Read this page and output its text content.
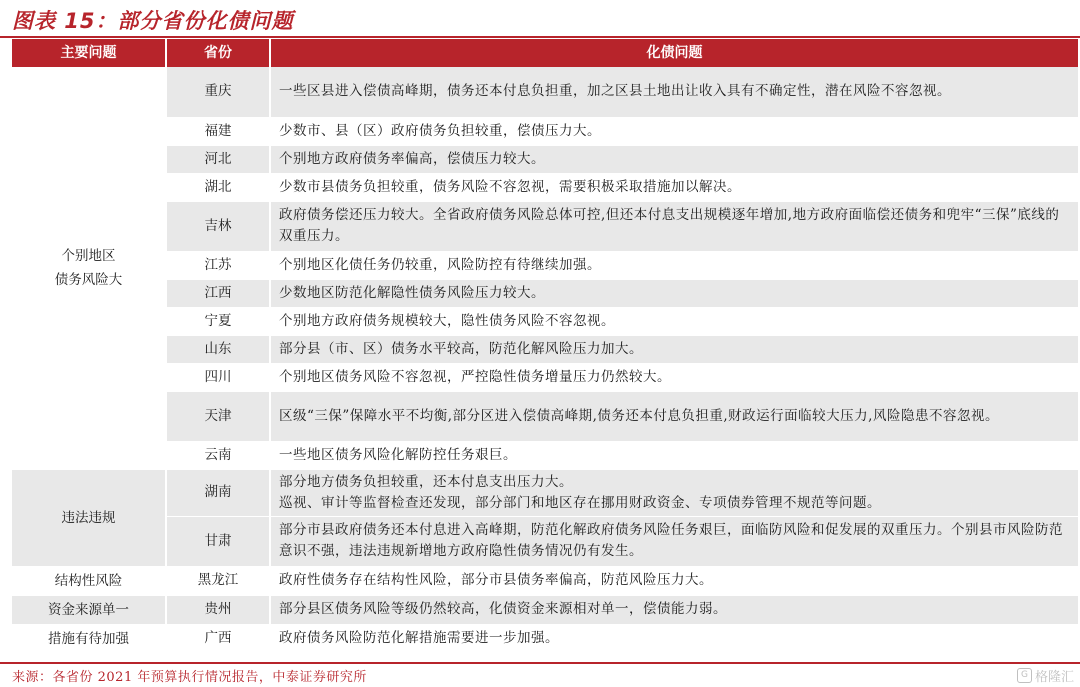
图表 15：部分省份化债问题
主要问题	省份	化债问题
个别地区
债务风险大	重庆	一些区县进入偿债高峰期，债务还本付息负担重，加之区县土地出让收入具有不确定性，潜在风险不容忽视。
	福建	少数市、县（区）政府债务负担较重，偿债压力大。
	河北	个别地方政府债务率偏高，偿债压力较大。
	湖北	少数市县债务负担较重，债务风险不容忽视，需要积极采取措施加以解决。
	吉林	政府债务偿还压力较大。全省政府债务风险总体可控,但还本付息支出规模逐年增加,地方政府面临偿还债务和兜牢“三保”底线的双重压力。
	江苏	个别地区化债任务仍较重，风险防控有待继续加强。
	江西	少数地区防范化解隐性债务风险压力较大。
	宁夏	个别地方政府债务规模较大，隐性债务风险不容忽视。
	山东	部分县（市、区）债务水平较高，防范化解风险压力加大。
	四川	个别地区债务风险不容忽视，严控隐性债务增量压力仍然较大。
	天津	区级“三保”保障水平不均衡,部分区进入偿债高峰期,债务还本付息负担重,财政运行面临较大压力,风险隐患不容忽视。
	云南	一些地区债务风险化解防控任务艰巨。
违法违规	湖南	部分地方债务负担较重，还本付息支出压力大。
巡视、审计等监督检查还发现，部分部门和地区存在挪用财政资金、专项债券管理不规范等问题。
	甘肃	部分市县政府债务还本付息进入高峰期，防范化解政府债务风险任务艰巨，面临防风险和促发展的双重压力。个别县市风险防范意识不强，违法违规新增地方政府隐性债务情况仍有发生。
结构性风险	黑龙江	政府性债务存在结构性风险，部分市县债务率偏高，防范风险压力大。
资金来源单一	贵州	部分县区债务风险等级仍然较高，化债资金来源相对单一，偿债能力弱。
措施有待加强	广西	政府债务风险防范化解措施需要进一步加强。
来源：各省份 2021 年预算执行情况报告，中泰证券研究所	G 格隆汇
